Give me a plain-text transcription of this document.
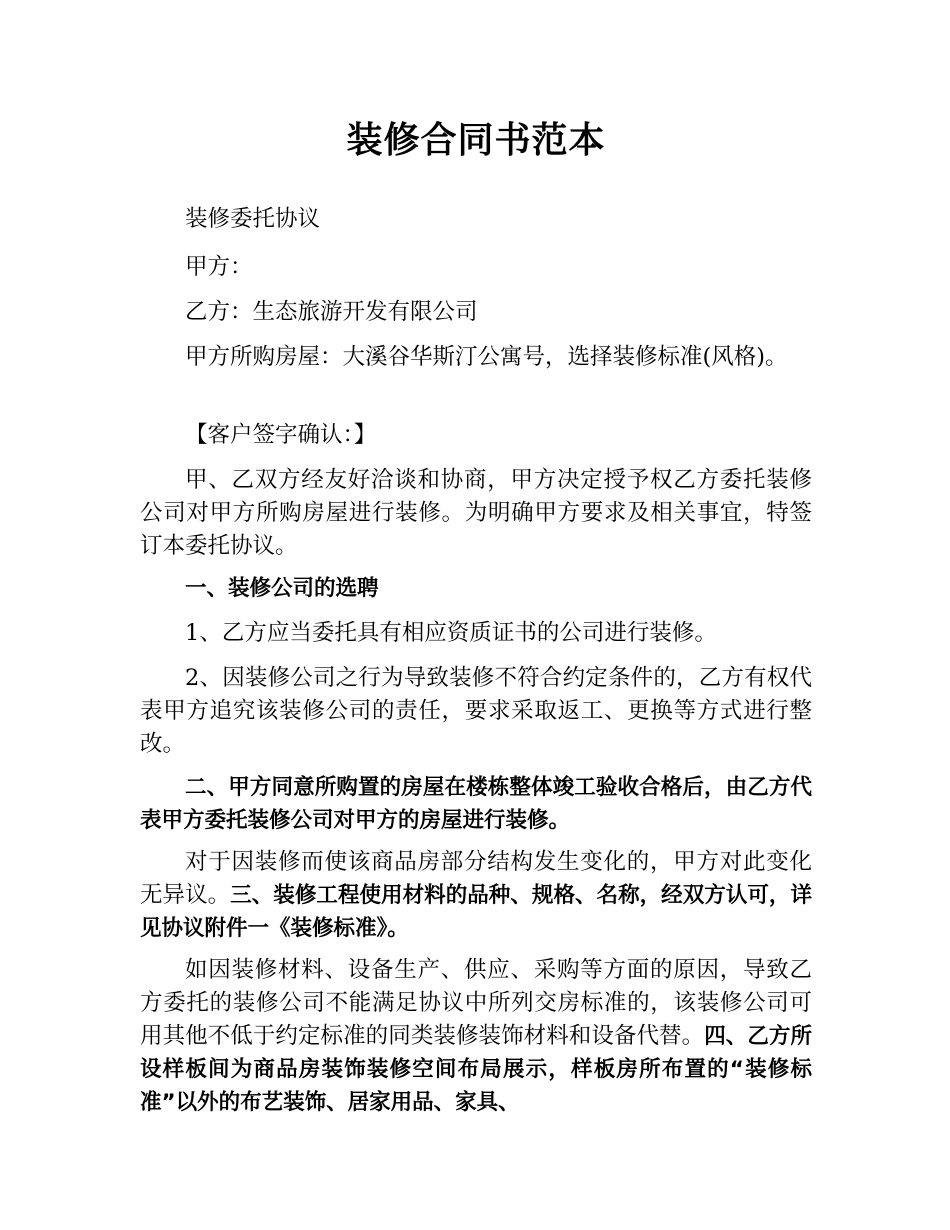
装修合同书范本

装修委托协议

甲方：

乙方：生态旅游开发有限公司

甲方所购房屋：大溪谷华斯汀公寓号，选择装修标准(风格)。

【客户签字确认：】

甲、乙双方经友好洽谈和协商，甲方决定授予权乙方委托装修公司对甲方所购房屋进行装修。为明确甲方要求及相关事宜，特签订本委托协议。

一、装修公司的选聘

1、乙方应当委托具有相应资质证书的公司进行装修。

2、因装修公司之行为导致装修不符合约定条件的，乙方有权代表甲方追究该装修公司的责任，要求采取返工、更换等方式进行整改。

二、甲方同意所购置的房屋在楼栋整体竣工验收合格后，由乙方代表甲方委托装修公司对甲方的房屋进行装修。

对于因装修而使该商品房部分结构发生变化的，甲方对此变化无异议。三、装修工程使用材料的品种、规格、名称，经双方认可，详见协议附件一《装修标准》。

如因装修材料、设备生产、供应、采购等方面的原因，导致乙方委托的装修公司不能满足协议中所列交房标准的，该装修公司可用其他不低于约定标准的同类装修装饰材料和设备代替。四、乙方所设样板间为商品房装饰装修空间布局展示，样板房所布置的“装修标准”以外的布艺装饰、居家用品、家具、
